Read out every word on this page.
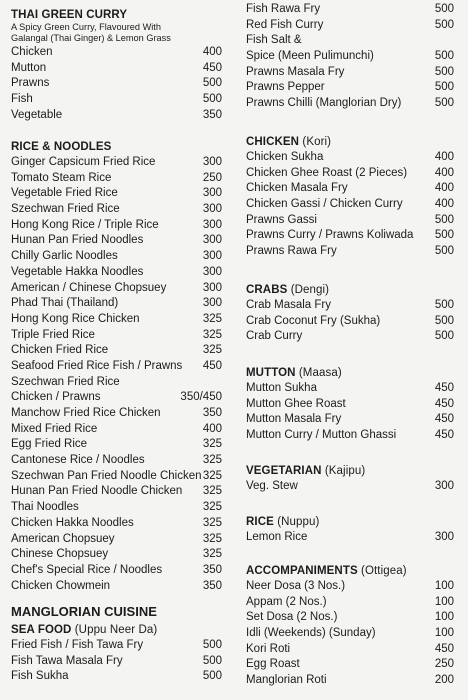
THAI GREEN CURRY
A Spicy Green Curry, Flavoured With
Galangal (Thai Ginger) & Lemon Grass
Chicken	400
Mutton	450
Prawns	500
Fish	500
Vegetable	350
RICE & NOODLES
Ginger Capsicum Fried Rice	300
Tomato Steam Rice	250
Vegetable Fried Rice	300
Szechwan Fried Rice	300
Hong Kong Rice / Triple Rice	300
Hunan Pan Fried Noodles	300
Chilly Garlic Noodles	300
Vegetable Hakka Noodles	300
American / Chinese Chopsuey	300
Phad Thai (Thailand)	300
Hong Kong Rice Chicken	325
Triple Fried Rice	325
Chicken Fried Rice	325
Seafood Fried Rice Fish / Prawns 450
Szechwan Fried Rice
Chicken / Prawns	350/450
Manchow Fried Rice Chicken	350
Mixed Fried Rice	400
Egg Fried Rice	325
Cantonese Rice / Noodles	325
Szechwan Pan Fried Noodle Chicken 325
Hunan Pan Fried Noodle Chicken 325
Thai Noodles	325
Chicken Hakka Noodles	325
American Chopsuey	325
Chinese Chopsuey	325
Chef's Special Rice / Noodles	350
Chicken Chowmein	350
MANGLORIAN CUISINE
SEA FOOD (Uppu Neer Da)
Fried Fish / Fish Tawa Fry	500
Fish Tawa Masala Fry	500
Fish Sukha	500
Fish Rawa Fry	500
Red Fish Curry	500
Fish Salt &
Spice (Meen Pulimunchi)	500
Prawns Masala Fry	500
Prawns Pepper	500
Prawns Chilli (Manglorian Dry)	500
CHICKEN (Kori)
Chicken Sukha	400
Chicken Ghee Roast (2 Pieces) 400
Chicken Masala Fry	400
Chicken Gassi / Chicken Curry	400
Prawns Gassi	500
Prawns Curry / Prawns Koliwada 500
Prawns Rawa Fry	500
CRABS (Dengi)
Crab Masala Fry	500
Crab Coconut Fry (Sukha)	500
Crab Curry	500
MUTTON (Maasa)
Mutton Sukha	450
Mutton Ghee Roast	450
Mutton Masala Fry	450
Mutton Curry / Mutton Ghassi	450
VEGETARIAN (Kajipu)
Veg. Stew	300
RICE (Nuppu)
Lemon Rice	300
ACCOMPANIMENTS (Ottigea)
Neer Dosa (3 Nos.)	100
Appam (2 Nos.)	100
Set Dosa (2 Nos.)	100
Idli (Weekends) (Sunday)	100
Kori Roti	450
Egg Roast	250
Manglorian Roti	200
